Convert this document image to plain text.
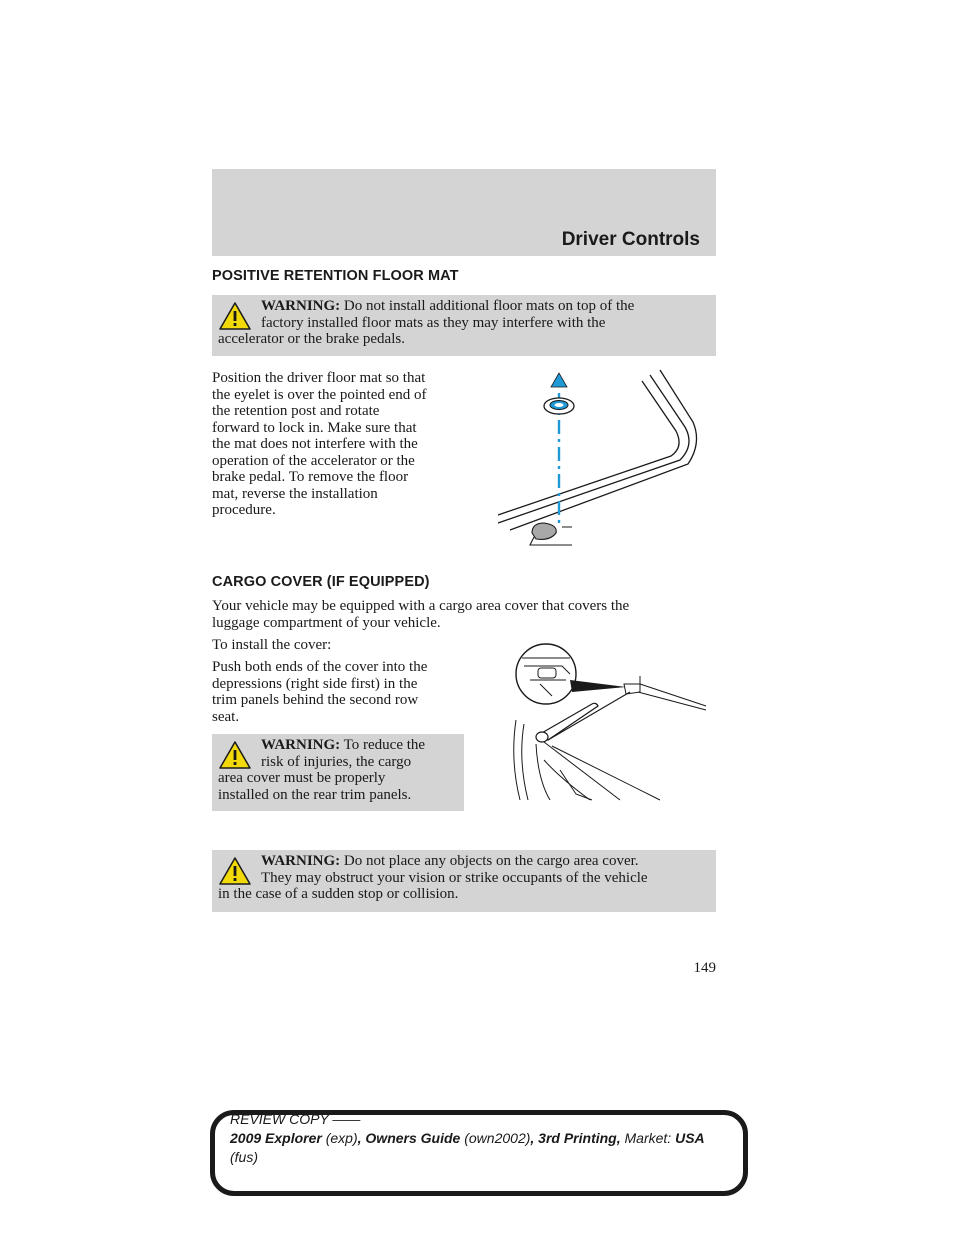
Driver Controls
POSITIVE RETENTION FLOOR MAT
WARNING: Do not install additional floor mats on top of the
factory installed floor mats as they may interfere with the
accelerator or the brake pedals.
Position the driver floor mat so that
the eyelet is over the pointed end of
the retention post and rotate
forward to lock in. Make sure that
the mat does not interfere with the
operation of the accelerator or the
brake pedal. To remove the floor
mat, reverse the installation
procedure.
CARGO COVER (IF EQUIPPED)
Your vehicle may be equipped with a cargo area cover that covers the
luggage compartment of your vehicle.
To install the cover:
Push both ends of the cover into the
depressions (right side first) in the
trim panels behind the second row
seat.
WARNING: To reduce the
risk of injuries, the cargo
area cover must be properly
installed on the rear trim panels.
WARNING: Do not place any objects on the cargo area cover.
They may obstruct your vision or strike occupants of the vehicle
in the case of a sudden stop or collision.
149
REVIEW COPY ——
2009 Explorer (exp), Owners Guide (own2002), 3rd Printing, Market: USA
(fus)
